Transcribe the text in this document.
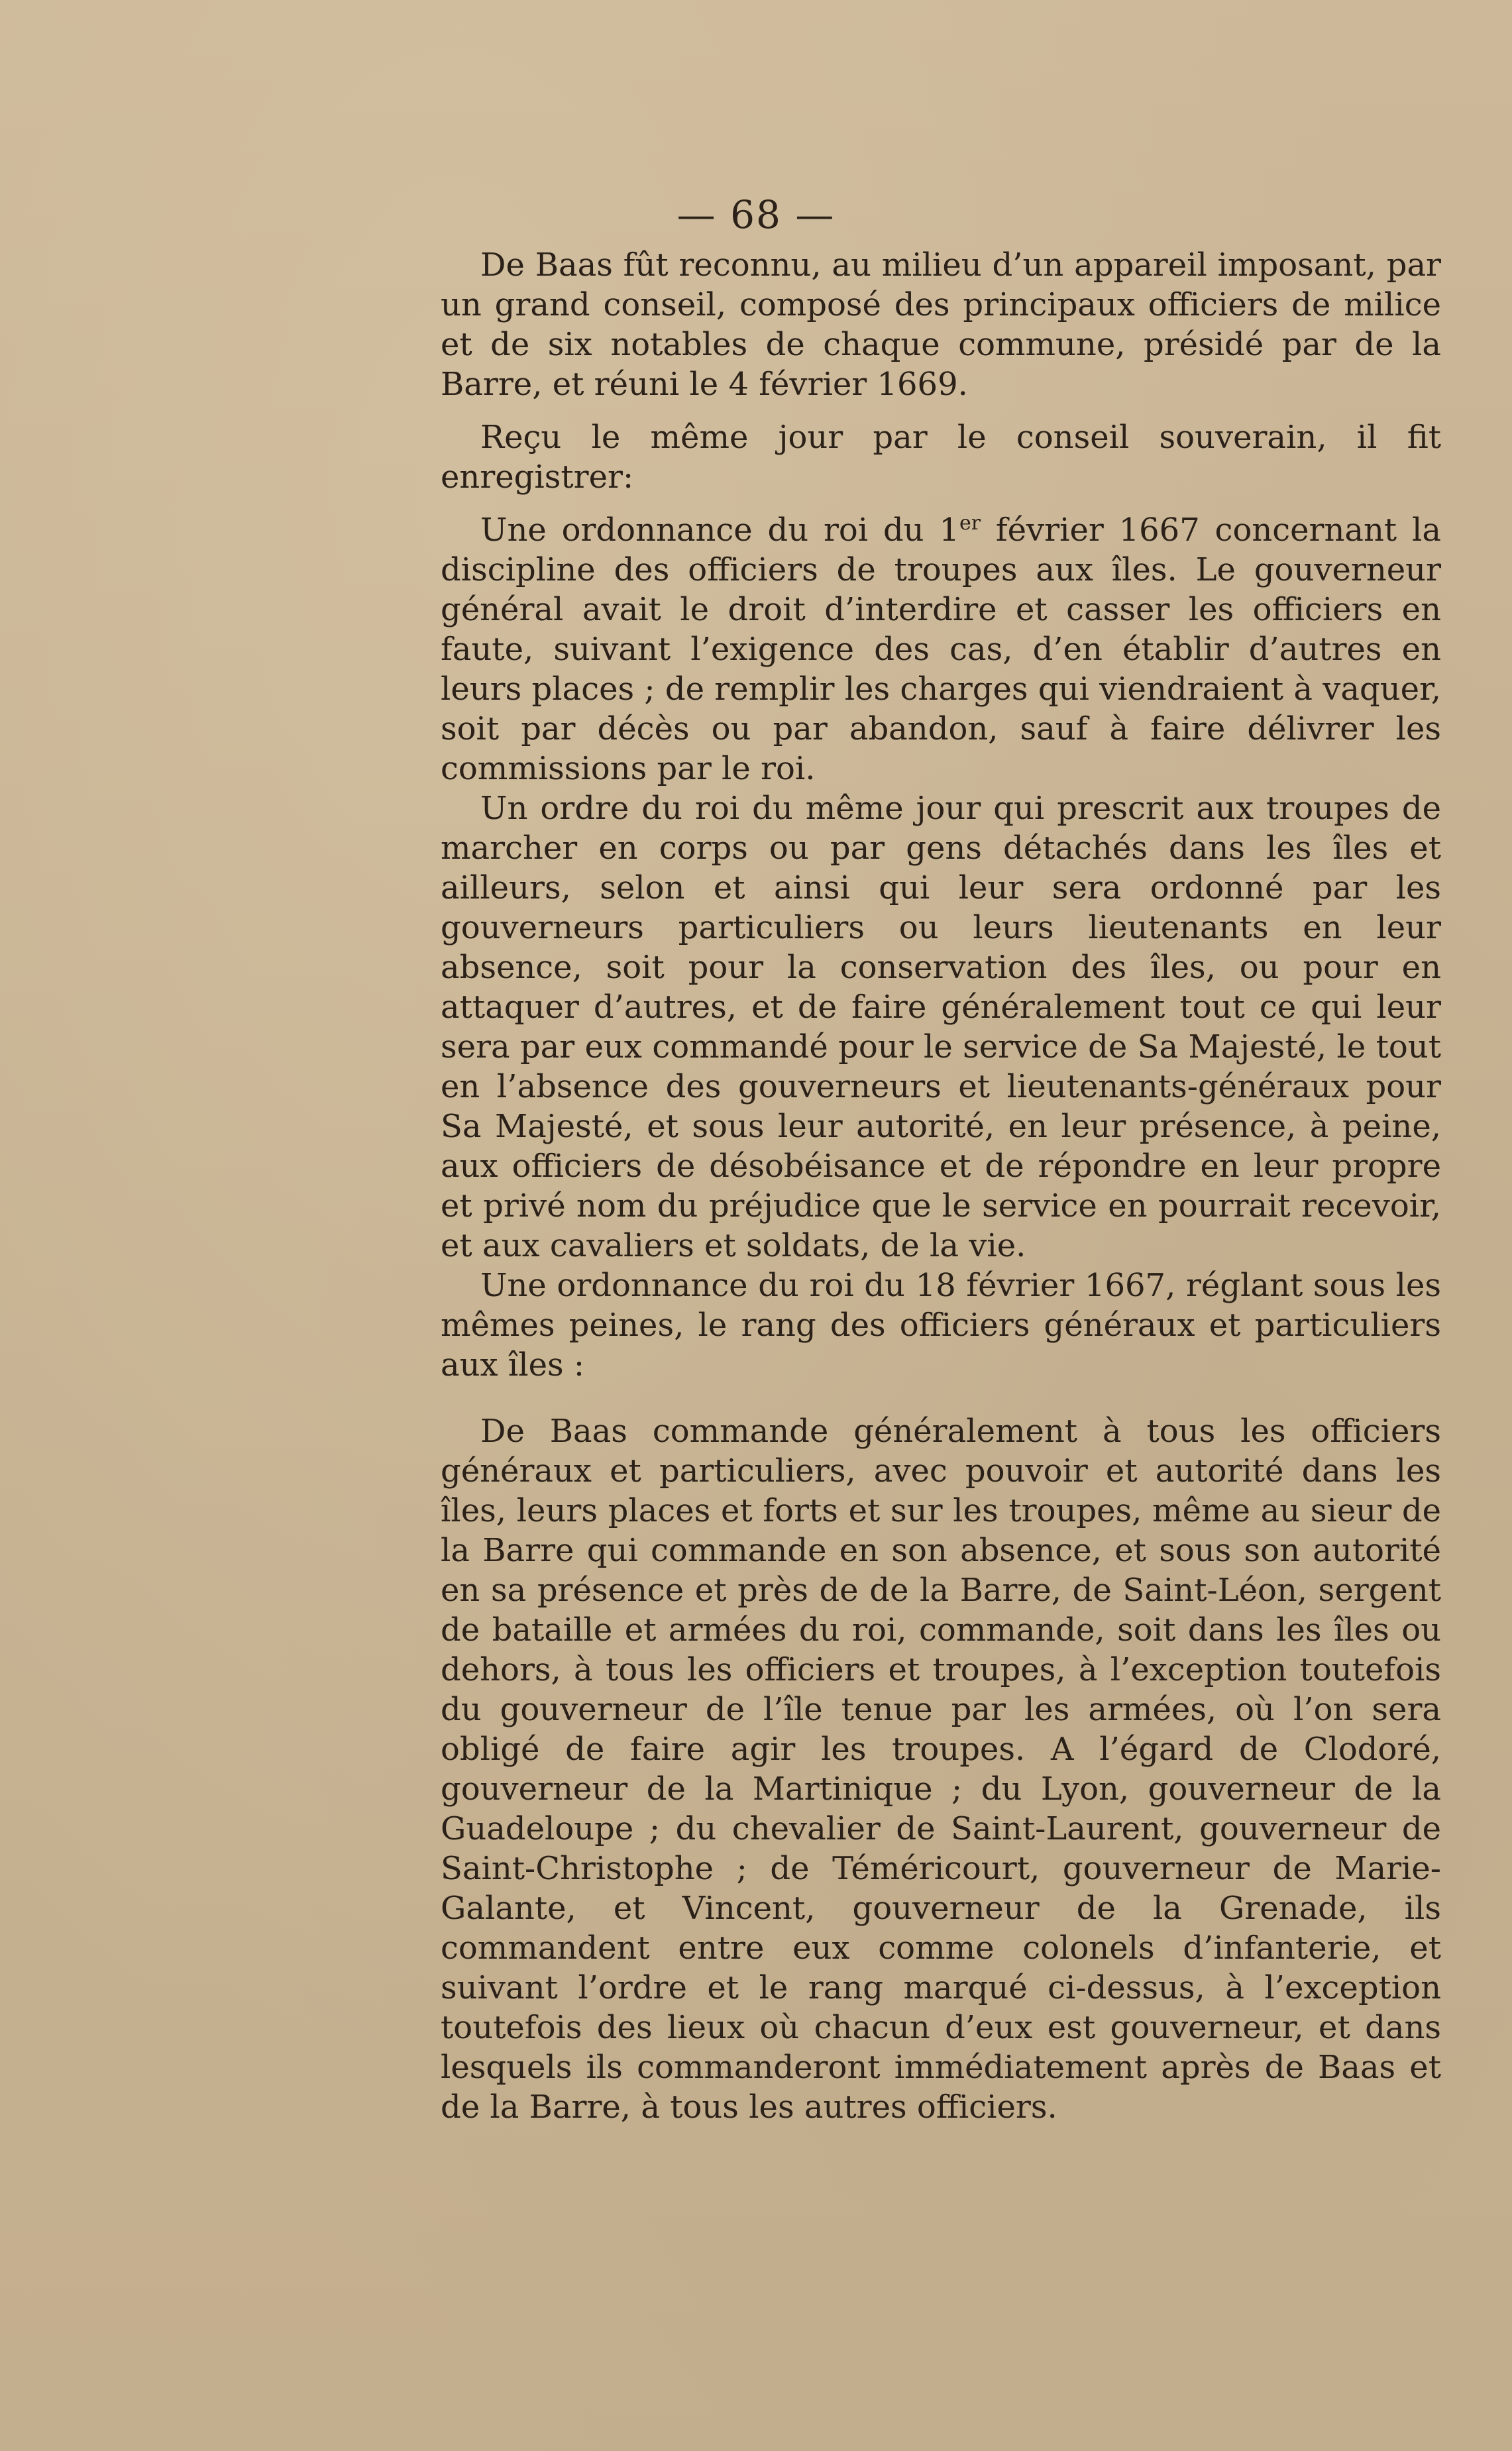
— 68 —

De Baas fût reconnu, au milieu d’un appareil imposant, par un grand conseil, composé des principaux officiers de milice et de six notables de chaque commune, présidé par de la Barre, et réuni le 4 février 1669.

Reçu le même jour par le conseil souverain, il fit enregistrer:

Une ordonnance du roi du 1er février 1667 concernant la discipline des officiers de troupes aux îles. Le gouverneur général avait le droit d’interdire et casser les officiers en faute, suivant l’exigence des cas, d’en établir d’autres en leurs places ; de remplir les charges qui viendraient à vaquer, soit par décès ou par abandon, sauf à faire délivrer les commissions par le roi.

Un ordre du roi du même jour qui prescrit aux troupes de marcher en corps ou par gens détachés dans les îles et ailleurs, selon et ainsi qui leur sera ordonné par les gouverneurs particuliers ou leurs lieutenants en leur absence, soit pour la conservation des îles, ou pour en attaquer d’autres, et de faire généralement tout ce qui leur sera par eux commandé pour le service de Sa Majesté, le tout en l’absence des gouverneurs et lieutenants-généraux pour Sa Majesté, et sous leur autorité, en leur présence, à peine, aux officiers de désobéisance et de répondre en leur propre et privé nom du préjudice que le service en pourrait recevoir, et aux cavaliers et soldats, de la vie.

Une ordonnance du roi du 18 février 1667, réglant sous les mêmes peines, le rang des officiers généraux et particuliers aux îles :

De Baas commande généralement à tous les officiers généraux et particuliers, avec pouvoir et autorité dans les îles, leurs places et forts et sur les troupes, même au sieur de la Barre qui commande en son absence, et sous son autorité en sa présence et près de de la Barre, de Saint-Léon, sergent de bataille et armées du roi, commande, soit dans les îles ou dehors, à tous les officiers et troupes, à l’exception toutefois du gouverneur de l’île tenue par les armées, où l’on sera obligé de faire agir les troupes. A l’égard de Clodoré, gouverneur de la Martinique ; du Lyon, gouverneur de la Guadeloupe ; du chevalier de Saint-Laurent, gouverneur de Saint-Christophe ; de Téméricourt, gouverneur de Marie-Galante, et Vincent, gouverneur de la Grenade, ils commandent entre eux comme colonels d’infanterie, et suivant l’ordre et le rang marqué ci-dessus, à l’exception toutefois des lieux où chacun d’eux est gouverneur, et dans lesquels ils commanderont immédiatement après de Baas et de la Barre, à tous les autres officiers.
